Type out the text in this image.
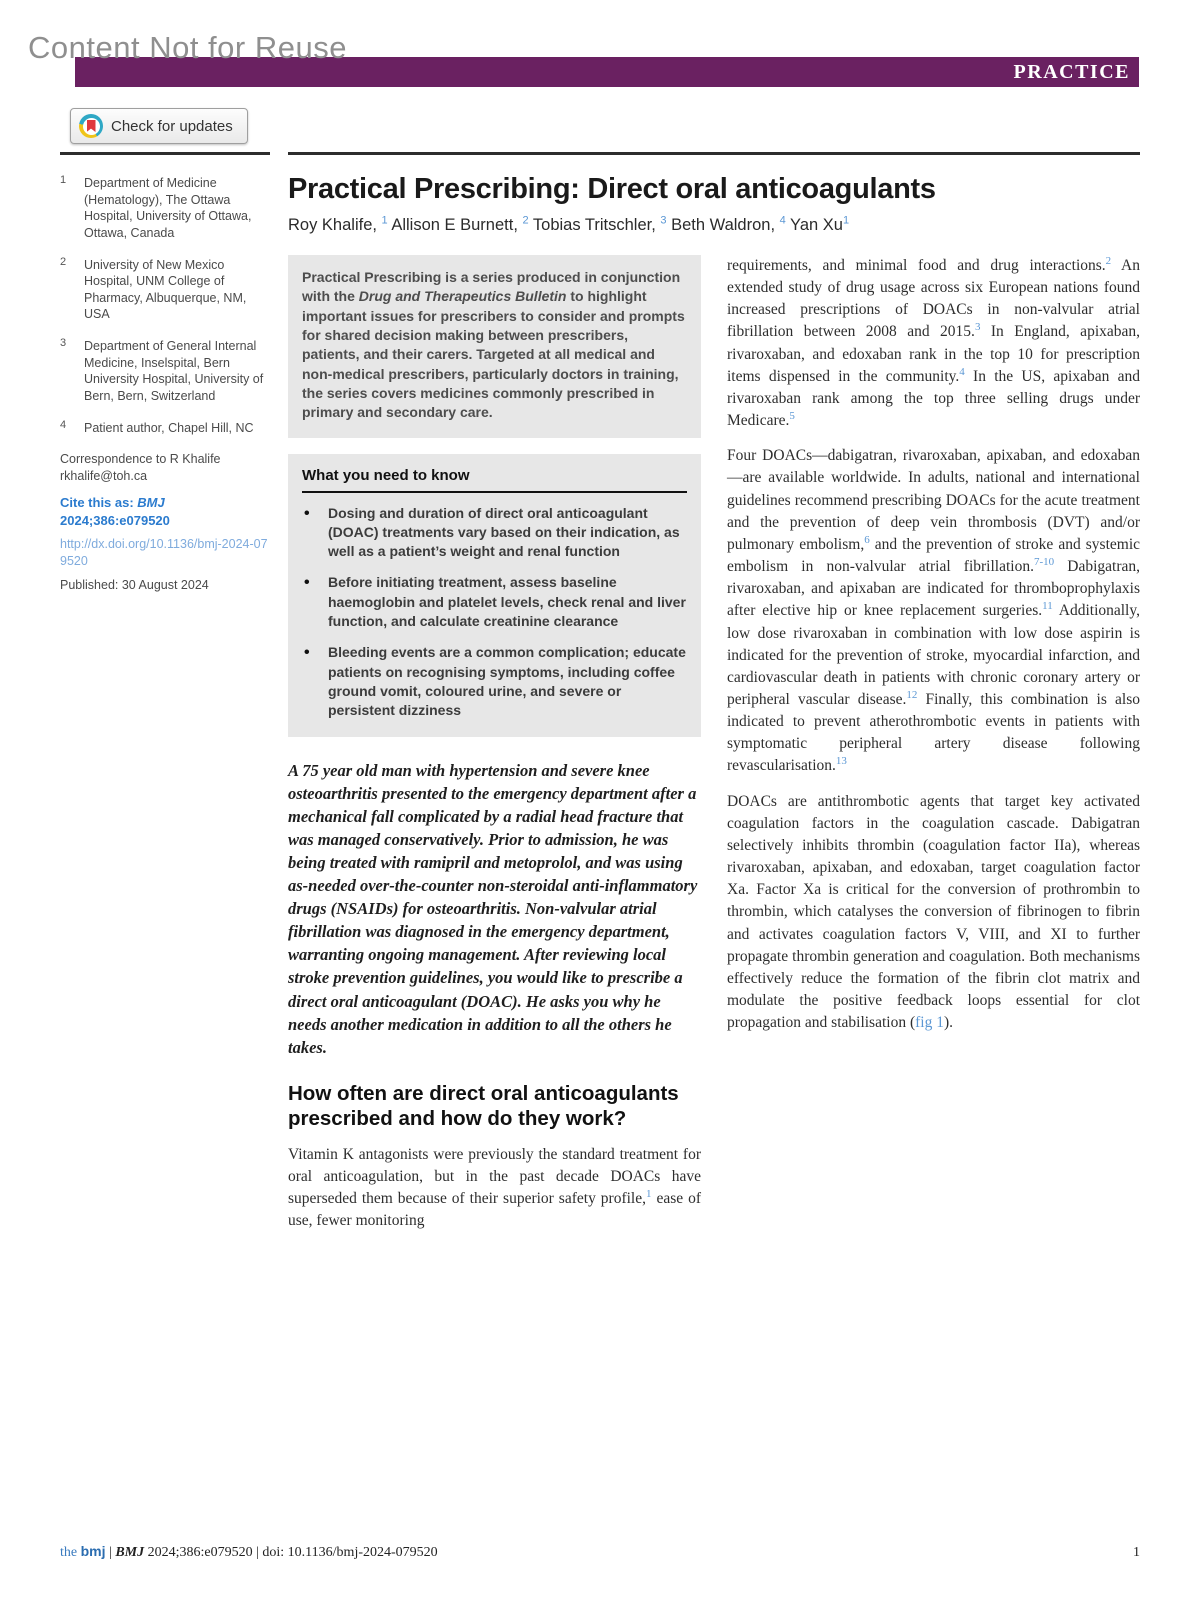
Content Not for Reuse
PRACTICE
Check for updates
1	Department of Medicine (Hematology), The Ottawa Hospital, University of Ottawa, Ottawa, Canada
2	University of New Mexico Hospital, UNM College of Pharmacy, Albuquerque, NM, USA
3	Department of General Internal Medicine, Inselspital, Bern University Hospital, University of Bern, Bern, Switzerland
4	Patient author, Chapel Hill, NC
Correspondence to R Khalife
rkhalife@toh.ca
Cite this as: BMJ 2024;386:e079520
http://dx.doi.org/10.1136/bmj-2024-079520
Published: 30 August 2024
Practical Prescribing: Direct oral anticoagulants

Roy Khalife, $^1$ Allison E Burnett, $^2$ Tobias Tritschler, $^3$ Beth Waldron, $^4$ Yan Xu$^1$

Practical Prescribing is a series produced in conjunction with the Drug and Therapeutics Bulletin to highlight important issues for prescribers to consider and prompts for shared decision making between prescribers, patients, and their carers. Targeted at all medical and non-medical prescribers, particularly doctors in training, the series covers medicines commonly prescribed in primary and secondary care.
What you need to know
• Dosing and duration of direct oral anticoagulant (DOAC) treatments vary based on their indication, as well as a patient’s weight and renal function
• Before initiating treatment, assess baseline haemoglobin and platelet levels, check renal and liver function, and calculate creatinine clearance
• Bleeding events are a common complication; educate patients on recognising symptoms, including coffee ground vomit, coloured urine, and severe or persistent dizziness

A 75 year old man with hypertension and severe knee osteoarthritis presented to the emergency department after a mechanical fall complicated by a radial head fracture that was managed conservatively. Prior to admission, he was being treated with ramipril and metoprolol, and was using as-needed over-the-counter non-steroidal anti-inflammatory drugs (NSAIDs) for osteoarthritis. Non-valvular atrial fibrillation was diagnosed in the emergency department, warranting ongoing management. After reviewing local stroke prevention guidelines, you would like to prescribe a direct oral anticoagulant (DOAC). He asks you why he needs another medication in addition to all the others he takes.

How often are direct oral anticoagulants prescribed and how do they work?

Vitamin K antagonists were previously the standard treatment for oral anticoagulation, but in the past decade DOACs have superseded them because of their superior safety profile,$^1$ ease of use, fewer monitoring

requirements, and minimal food and drug interactions.$^2$ An extended study of drug usage across six European nations found increased prescriptions of DOACs in non-valvular atrial fibrillation between 2008 and 2015.$^3$ In England, apixaban, rivaroxaban, and edoxaban rank in the top 10 for prescription items dispensed in the community.$^4$ In the US, apixaban and rivaroxaban rank among the top three selling drugs under Medicare.$^5$

Four DOACs—dabigatran, rivaroxaban, apixaban, and edoxaban—are available worldwide. In adults, national and international guidelines recommend prescribing DOACs for the acute treatment and the prevention of deep vein thrombosis (DVT) and/or pulmonary embolism,$^6$ and the prevention of stroke and systemic embolism in non-valvular atrial fibrillation.$^{7-10}$ Dabigatran, rivaroxaban, and apixaban are indicated for thromboprophylaxis after elective hip or knee replacement surgeries.$^{11}$ Additionally, low dose rivaroxaban in combination with low dose aspirin is indicated for the prevention of stroke, myocardial infarction, and cardiovascular death in patients with chronic coronary artery or peripheral vascular disease.$^{12}$ Finally, this combination is also indicated to prevent atherothrombotic events in patients with symptomatic peripheral artery disease following revascularisation.$^{13}$

DOACs are antithrombotic agents that target key activated coagulation factors in the coagulation cascade. Dabigatran selectively inhibits thrombin (coagulation factor IIa), whereas rivaroxaban, apixaban, and edoxaban, target coagulation factor Xa. Factor Xa is critical for the conversion of prothrombin to thrombin, which catalyses the conversion of fibrinogen to fibrin and activates coagulation factors V, VIII, and XI to further propagate thrombin generation and coagulation. Both mechanisms effectively reduce the formation of the fibrin clot matrix and modulate the positive feedback loops essential for clot propagation and stabilisation (fig 1).

the bmj | BMJ 2024;386:e079520 | doi: 10.1136/bmj-2024-079520	1
